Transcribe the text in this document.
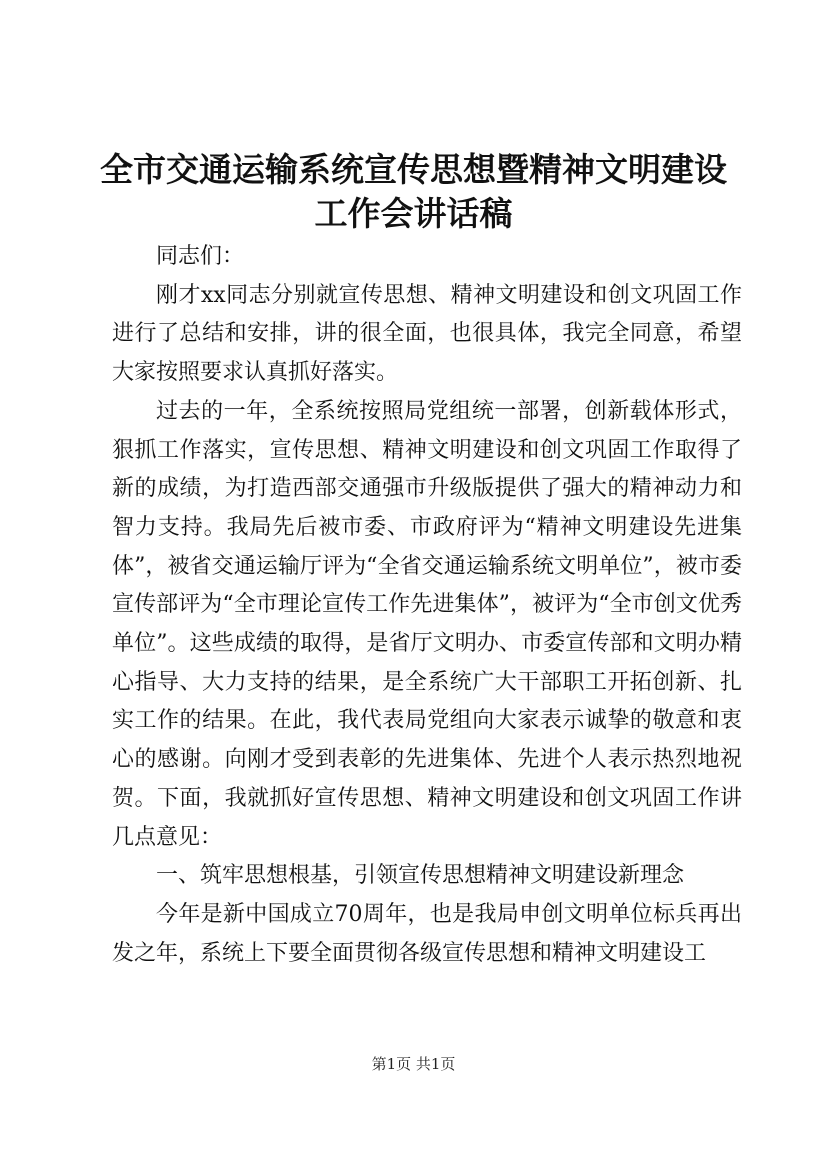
全市交通运输系统宣传思想暨精神文明建设工作会讲话稿

同志们：

刚才xx同志分别就宣传思想、精神文明建设和创文巩固工作进行了总结和安排，讲的很全面，也很具体，我完全同意，希望大家按照要求认真抓好落实。

过去的一年，全系统按照局党组统一部署，创新载体形式，狠抓工作落实，宣传思想、精神文明建设和创文巩固工作取得了新的成绩，为打造西部交通强市升级版提供了强大的精神动力和智力支持。我局先后被市委、市政府评为“精神文明建设先进集体”，被省交通运输厅评为“全省交通运输系统文明单位”，被市委宣传部评为“全市理论宣传工作先进集体”，被评为“全市创文优秀单位”。这些成绩的取得，是省厅文明办、市委宣传部和文明办精心指导、大力支持的结果，是全系统广大干部职工开拓创新、扎实工作的结果。在此，我代表局党组向大家表示诚挚的敬意和衷心的感谢。向刚才受到表彰的先进集体、先进个人表示热烈地祝贺。下面，我就抓好宣传思想、精神文明建设和创文巩固工作讲几点意见：

一、筑牢思想根基，引领宣传思想精神文明建设新理念

今年是新中国成立70周年，也是我局申创文明单位标兵再出发之年，系统上下要全面贯彻各级宣传思想和精神文明建设工

第1页 共1页
